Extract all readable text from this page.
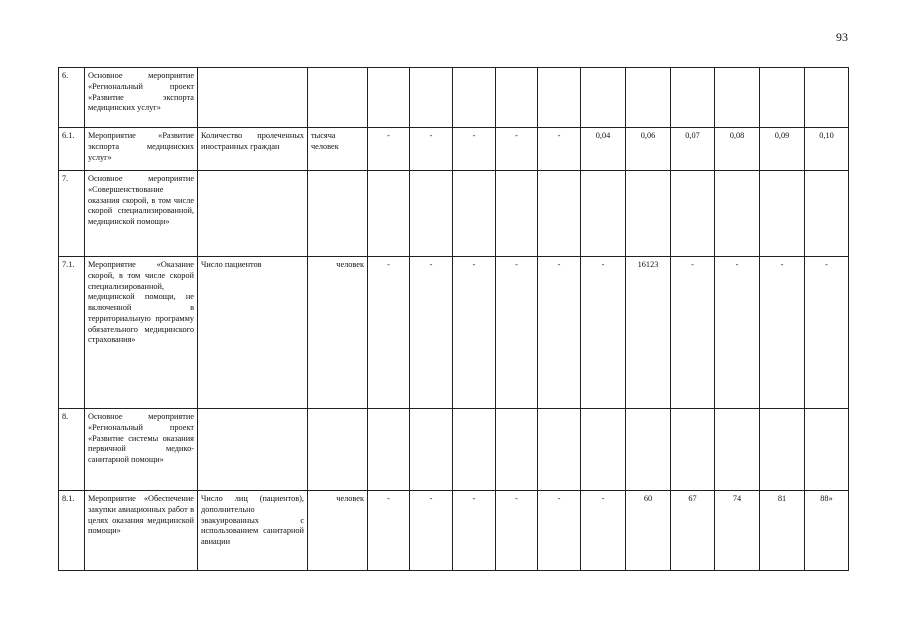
93
6.	Основное мероприятие «Региональный проект «Развитие экспорта медицинских услуг»													
6.1.	Мероприятие «Развитие экспорта медицинских услуг»	Количество пролеченных иностранных граждан	тысяча человек	-	-	-	-	-	0,04	0,06	0,07	0,08	0,09	0,10
7.	Основное мероприятие «Совершенствование оказания скорой, в том числе скорой специализированной, медицинской помощи»													
7.1.	Мероприятие «Оказание скорой, в том числе скорой специализированной, медицинской помощи, не включенной в территориальную программу обязательного медицинского страхования»	Число пациентов	человек	-	-	-	-	-	-	16123	-	-	-	-
8.	Основное мероприятие «Региональный проект «Развитие системы оказания первичной медико-санитарной помощи»													
8.1.	Мероприятие «Обеспечение закупки авиационных работ в целях оказания медицинской помощи»	Число лиц (пациентов), дополнительно эвакуированных с использованием санитарной авиации	человек	-	-	-	-	-	-	60	67	74	81	88»
